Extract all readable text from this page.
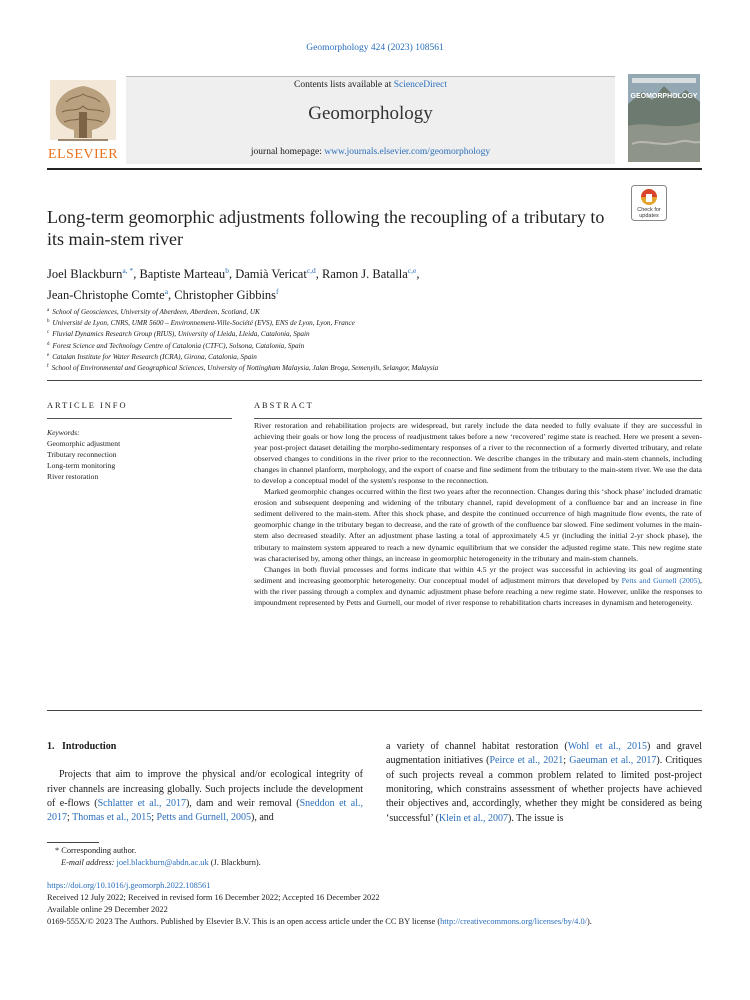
Geomorphology 424 (2023) 108561
Contents lists available at ScienceDirect
Geomorphology
journal homepage: www.journals.elsevier.com/geomorphology
ELSEVIER
GEOMORPHOLOGY
Long-term geomorphic adjustments following the recoupling of a tributary to its main-stem river
Check for
updates
Joel Blackburn$^{a, *}$, Baptiste Marteau$^b$, Damià Vericat$^{c,d}$, Ramon J. Batalla$^{c,e}$,
Jean-Christophe Comte$^a$, Christopher Gibbins$^f$
$^a$ School of Geosciences, University of Aberdeen, Aberdeen, Scotland, UK
$^b$ Université de Lyon, CNRS, UMR 5600 – Environnement-Ville-Société (EVS), ENS de Lyon, Lyon, France
$^c$ Fluvial Dynamics Research Group (RIUS), University of Lleida, Lleida, Catalonia, Spain
$^d$ Forest Science and Technology Centre of Catalonia (CTFC), Solsona, Catalonia, Spain
$^e$ Catalan Institute for Water Research (ICRA), Girona, Catalonia, Spain
$^f$ School of Environmental and Geographical Sciences, University of Nottingham Malaysia, Jalan Broga, Semenyih, Selangor, Malaysia
ARTICLE INFO	ABSTRACT
Keywords:
Geomorphic adjustment
Tributary reconnection
Long-term monitoring
River restoration

River restoration and rehabilitation projects are widespread, but rarely include the data needed to fully evaluate if they are successful in achieving their goals or how long the process of readjustment takes before a new ‘recovered’ regime state is reached. Here we present a seven-year post-project dataset detailing the morpho-sedimentary responses of a river to the reconnection of a formerly diverted tributary, and relate observed changes to conditions in the river prior to the reconnection. We describe changes in the tributary and main-stem channels, including changes in channel planform, morphology, and the export of coarse and fine sediment from the tributary to the main-stem river. We use the data to develop a conceptual model of the system's response to the reconnection.

Marked geomorphic changes occurred within the first two years after the reconnection. Changes during this ‘shock phase’ included dramatic erosion and subsequent deepening and widening of the tributary channel, rapid development of a confluence bar and an increase in fine sediment delivered to the main-stem. After this shock phase, and despite the continued occurrence of high magnitude flow events, the rate of geomorphic change in the tributary began to decrease, and the rate of growth of the confluence bar slowed. Fine sediment volumes in the main-stem also decreased steadily. After an adjustment phase lasting a total of approximately 4.5 yr (including the initial 2-yr shock phase), the tributary to mainstem system appeared to reach a new dynamic equilibrium that we consider the adjusted regime state. This new regime state was characterised by, among other things, an increase in geomorphic heterogeneity in the tributary and main-stem channels.

Changes in both fluvial processes and forms indicate that within 4.5 yr the project was successful in achieving its goal of augmenting sediment and increasing geomorphic heterogeneity. Our conceptual model of adjustment mirrors that developed by Petts and Gurnell (2005), with the river passing through a complex and dynamic adjustment phase before reaching a new regime state. However, unlike the responses to impoundment represented by Petts and Gurnell, our model of river response to rehabilitation charts increases in dynamism and heterogeneity.

1. Introduction

Projects that aim to improve the physical and/or ecological integrity of river channels are increasing globally. Such projects include the development of e-flows (Schlatter et al., 2017), dam and weir removal (Sneddon et al., 2017; Thomas et al., 2015; Petts and Gurnell, 2005), and

a variety of channel habitat restoration (Wohl et al., 2015) and gravel augmentation initiatives (Peirce et al., 2021; Gaeuman et al., 2017). Critiques of such projects reveal a common problem related to limited post-project monitoring, which constrains assessment of whether projects have achieved their objectives and, accordingly, whether they might be considered as being ‘successful’ (Klein et al., 2007). The issue is

* Corresponding author.
E-mail address: joel.blackburn@abdn.ac.uk (J. Blackburn).
https://doi.org/10.1016/j.geomorph.2022.108561
Received 12 July 2022; Received in revised form 16 December 2022; Accepted 16 December 2022
Available online 29 December 2022
0169-555X/© 2023 The Authors. Published by Elsevier B.V. This is an open access article under the CC BY license (http://creativecommons.org/licenses/by/4.0/).
